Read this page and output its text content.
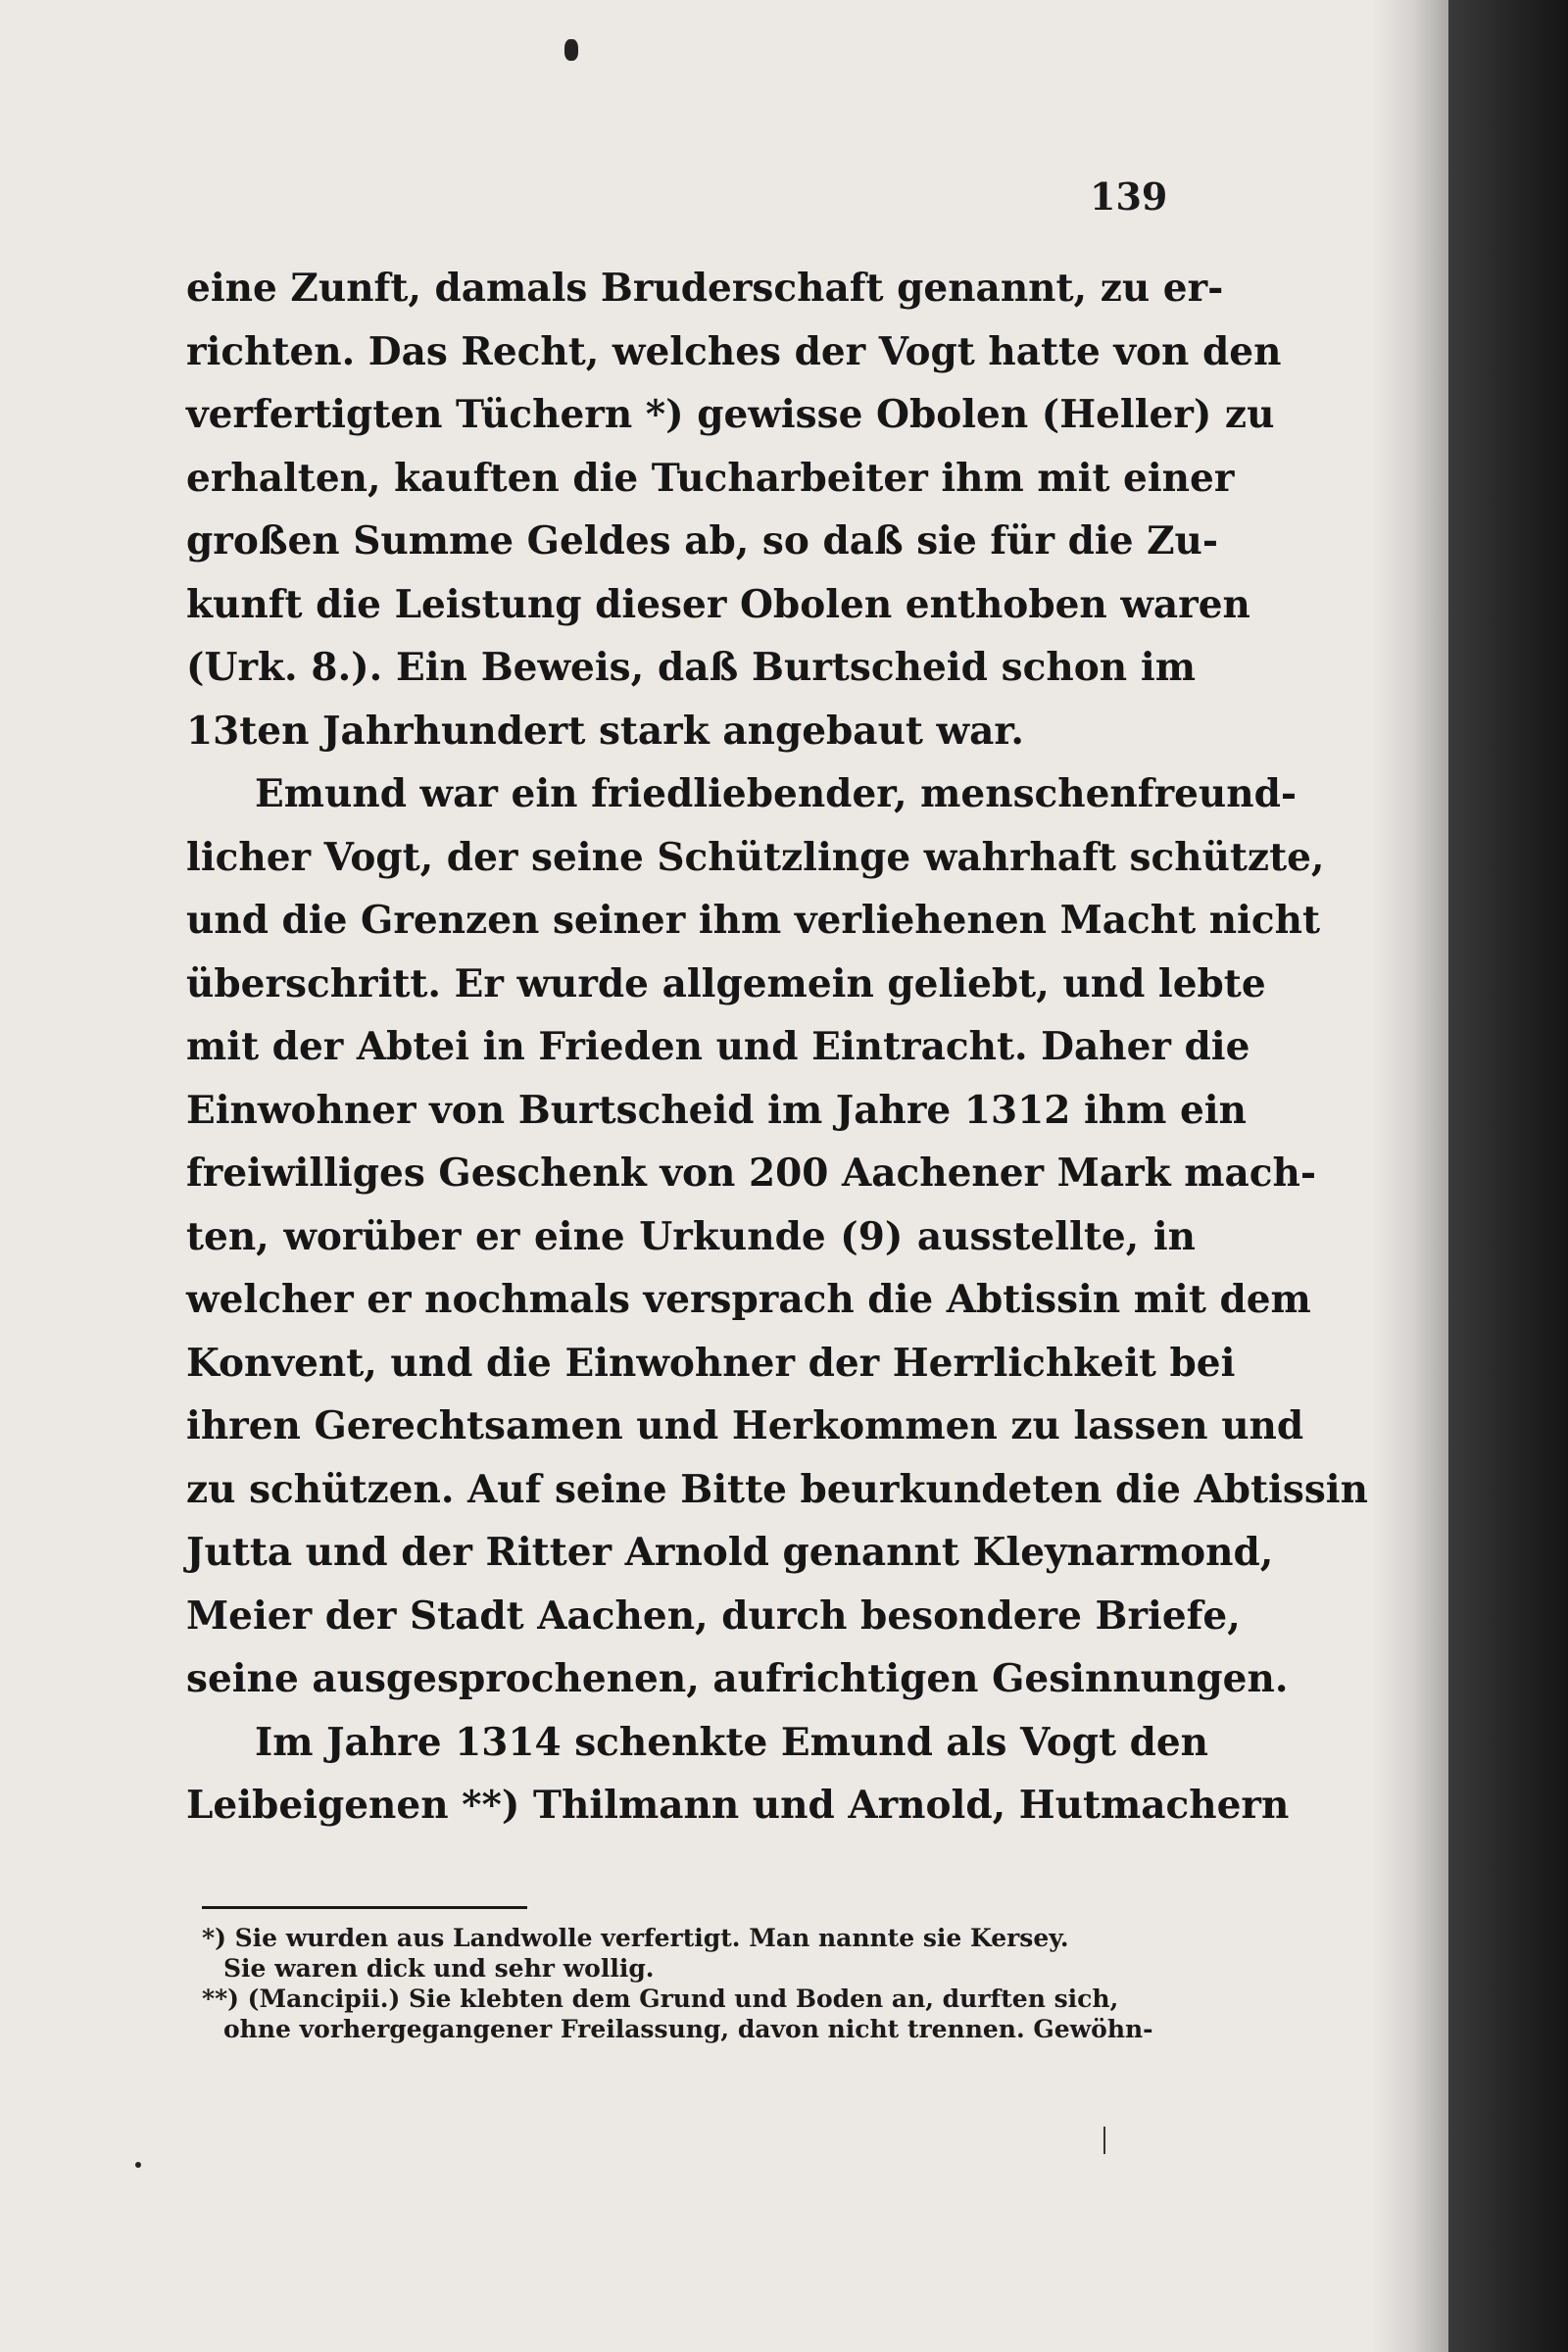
139
eine Zunft, damals Bruderschaft genannt, zu er-
richten. Das Recht, welches der Vogt hatte von den
verfertigten Tüchern *) gewisse Obolen (Heller) zu
erhalten, kauften die Tucharbeiter ihm mit einer
großen Summe Geldes ab, so daß sie für die Zu-
kunft die Leistung dieser Obolen enthoben waren
(Urk. 8.). Ein Beweis, daß Burtscheid schon im
13ten Jahrhundert stark angebaut war.
Emund war ein friedliebender, menschenfreund-
licher Vogt, der seine Schützlinge wahrhaft schützte,
und die Grenzen seiner ihm verliehenen Macht nicht
überschritt. Er wurde allgemein geliebt, und lebte
mit der Abtei in Frieden und Eintracht. Daher die
Einwohner von Burtscheid im Jahre 1312 ihm ein
freiwilliges Geschenk von 200 Aachener Mark mach-
ten, worüber er eine Urkunde (9) ausstellte, in
welcher er nochmals versprach die Abtissin mit dem
Konvent, und die Einwohner der Herrlichkeit bei
ihren Gerechtsamen und Herkommen zu lassen und
zu schützen. Auf seine Bitte beurkundeten die Abtissin
Jutta und der Ritter Arnold genannt Kleynarmond,
Meier der Stadt Aachen, durch besondere Briefe,
seine ausgesprochenen, aufrichtigen Gesinnungen.
Im Jahre 1314 schenkte Emund als Vogt den
Leibeigenen **) Thilmann und Arnold, Hutmachern
*) Sie wurden aus Landwolle verfertigt. Man nannte sie Kersey.
Sie waren dick und sehr wollig.
**) (Mancipii.) Sie klebten dem Grund und Boden an, durften sich,
ohne vorhergegangener Freilassung, davon nicht trennen. Gewöhn-
